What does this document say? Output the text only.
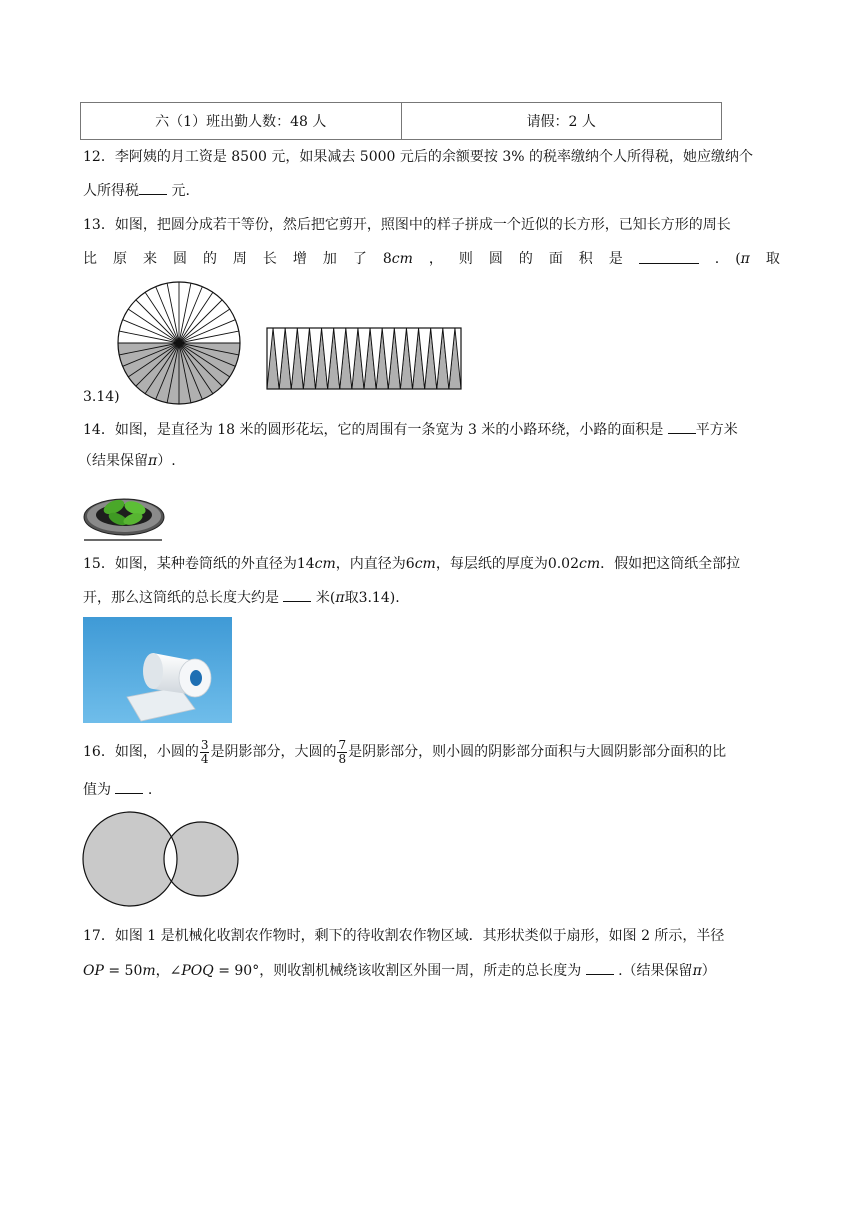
六（1）班出勤人数：48 人	请假：2 人
12．李阿姨的月工资是 8500 元，如果减去 5000 元后的余额要按 3% 的税率缴纳个人所得税，她应缴纳个
人所得税 元.
13．如图，把圆分成若干等份，然后把它剪开，照图中的样子拼成一个近似的长方形，已知长方形的周长
比 原 来 圆 的 周 长 增 加 了 8cm ， 则 圆 的 面 积 是	. (π 取
3.14)
14．如图，是直径为 18 米的圆形花坛，它的周围有一条宽为 3 米的小路环绕，小路的面积是 平方米
（结果保留π）.
15．如图，某种卷筒纸的外直径为14cm，内直径为6cm，每层纸的厚度为0.02cm．假如把这筒纸全部拉
开，那么这筒纸的总长度大约是  米(π取3.14).
16．如图，小圆的 $\frac{3}{4}$ 是阴影部分，大圆的 $\frac{7}{8}$ 是阴影部分，则小圆的阴影部分面积与大圆阴影部分面积的比
值为  .
17．如图 1 是机械化收割农作物时，剩下的待收割农作物区域．其形状类似于扇形，如图 2 所示，半径
OP = 50m，∠POQ = 90°，则收割机械绕该收割区外围一周，所走的总长度为  .（结果保留π）
